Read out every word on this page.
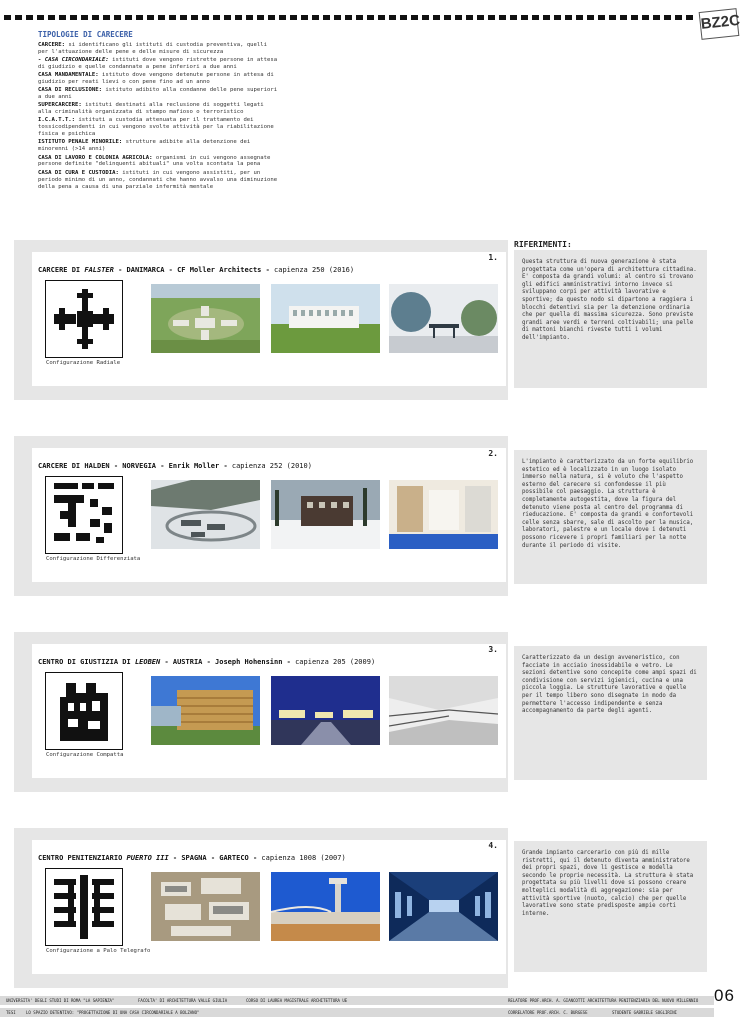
BZ2C
TIPOLOGIE DI CARECERE

CARCERE: si identificano gli istituti di custodia preventiva, quelli per l'attuazione delle pene e delle misure di sicurezza

- CASA CIRCONDARIALE: istituti dove vengono ristrette persone in attesa di giudizio e quelle condannate a pene inferiori a due anni

CASA MANDAMENTALE: istituto dove vengono detenute persone in attesa di giudizio per reati lievi o con pene fino ad un anno

CASA DI RECLUSIONE: istituto adibito alla condanne delle pene superiori a due anni

SUPERCARCERE: istituti destinati alla reclusione di soggetti legati alla criminalità organizzata di stampo mafioso o terroristico

I.C.A.T.T.: istituti a custodia attenuata per il trattamento dei tossicodipendenti in cui vengono svolte attività per la riabilitazione fisica e psichica

ISTITUTO PENALE MINORILE: strutture adibite alla detenzione dei minorenni (>14 anni)

CASA DI LAVORO E COLONIA AGRICOLA: organismi in cui vengono assegnate persone definite "delinquenti abituali" una volta scontata la pena

CASA DI CURA E CUSTODIA: istituti in cui vengono assistiti, per un periodo minimo di un anno, condannati che hanno avvalso una diminuzione della pena a causa di una parziale infermità mentale

RIFERIMENTI:
1.
CARCERE DI FALSTER - DANIMARCA - CF Moller Architects - capienza 250 (2016)
Configurazione Radiale
Questa struttura di nuova generazione è stata progettata come un'opera di architettura cittadina. E' composta da grandi volumi: al centro si trovano gli edifici amministrativi intorno invece si sviluppano corpi per attività lavorative e sportive; da questo nodo si dipartono a raggiera i blocchi detentivi sia per la detenzione ordinaria che per quella di massima sicurezza. Sono previste grandi aree verdi e terreni coltivabili; una pelle di mattoni bianchi riveste tutti i volumi dell'impianto.
2.
CARCERE DI HALDEN - NORVEGIA - Enrik Moller - capienza 252 (2010)
Configurazione Differenziata
L'impianto è caratterizzato da un forte equilibrio estetico ed è localizzato in un luogo isolato immerso nella natura, si è voluto che l'aspetto esterno del carecere si confondesse il più possibile col paesaggio. La struttura è completamente autogestita, dove la figura del detenuto viene posta al centro del programma di rieducazione. E' composta da grandi e confortevoli celle senza sbarre, sale di ascolto per la musica, laboratori, palestre e un locale dove i detenuti possono ricevere i propri familiari per la notte durante il periodo di visite.
3.
CENTRO DI GIUSTIZIA DI LEOBEN - AUSTRIA - Joseph Hohensinn - capienza 205 (2009)
Configurazione Compatta
Caratterizzato da un design avveneristico, con facciate in acciaio inossidabile e vetro. Le sezioni detentive sono concepite come ampi spazi di condivisione con servizi igienici, cucina e una piccola loggia. Le strutture lavorative e quelle per il tempo libero sono disegnate in modo da permettere l'accesso indipendente e senza accompagnamento da parte degli agenti.
4.
CENTRO PENITENZIARIO PUERTO III - SPAGNA - GARTECO - capienza 1008 (2007)
Configurazione a Palo Telegrafo
Grande impianto carcerario con più di mille ristretti, qui il detenuto diventa amministratore dei propri spazi, dove li gestisce e modella secondo le proprie necessità. La struttura è stata progettata su più livelli dove si possono creare molteplici modalità di aggregazione: sia per attività sportive (nuoto, calcio) che per quelle lavorative sono state predisposte ampie corti interne.
UNIVERSITA' DEGLI STUDI DI ROMA "LA SAPIENZA"	FACOLTA' DI ARCHITETTURA VALLE GIULIA	CORSO DI LAUREA MAGISTRALE ARCHITETTURA UE	RELATORE PROF.ARCH. A. GIANCOTTI ARCHITETTURA PENITENZIARIA DEL NUOVO MILLENNIO
TESI	LO SPAZIO DETENTIVO: "PROGETTAZIONE DI UNA CASA CIRCONDARIALE A BOLZANO"	CORRELATORE PROF.ARCH. C. BURGESE	STUDENTE GABRIELE SOGLIRINI
06
